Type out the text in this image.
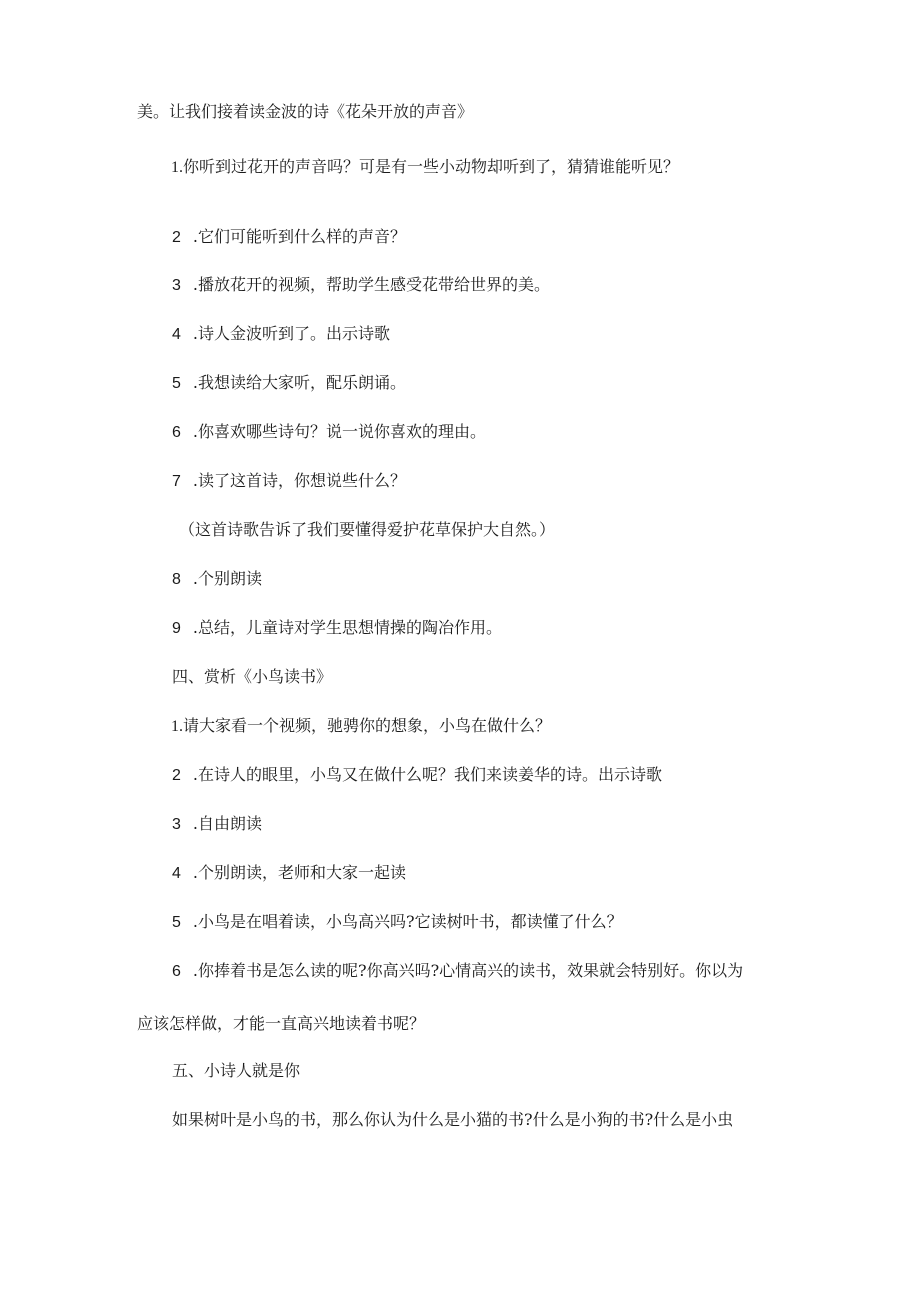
美。让我们接着读金波的诗《花朵开放的声音》
1.你听到过花开的声音吗？可是有一些小动物却听到了，猜猜谁能听见？
2 .它们可能听到什么样的声音？
3 .播放花开的视频，帮助学生感受花带给世界的美。
4 .诗人金波听到了。出示诗歌
5 .我想读给大家听，配乐朗诵。
6 .你喜欢哪些诗句？说一说你喜欢的理由。
7 .读了这首诗，你想说些什么？
（这首诗歌告诉了我们要懂得爱护花草保护大自然。）
8 .个别朗读
9 .总结，儿童诗对学生思想情操的陶冶作用。
四、赏析《小鸟读书》
1.请大家看一个视频，驰骋你的想象，小鸟在做什么？
2 .在诗人的眼里，小鸟又在做什么呢？我们来读姜华的诗。出示诗歌
3 .自由朗读
4 .个别朗读，老师和大家一起读
5 .小鸟是在唱着读，小鸟高兴吗?它读树叶书，都读懂了什么？
6 .你捧着书是怎么读的呢?你高兴吗?心情高兴的读书，效果就会特别好。你以为
应该怎样做，才能一直高兴地读着书呢？
五、小诗人就是你
如果树叶是小鸟的书，那么你认为什么是小猫的书?什么是小狗的书?什么是小虫
